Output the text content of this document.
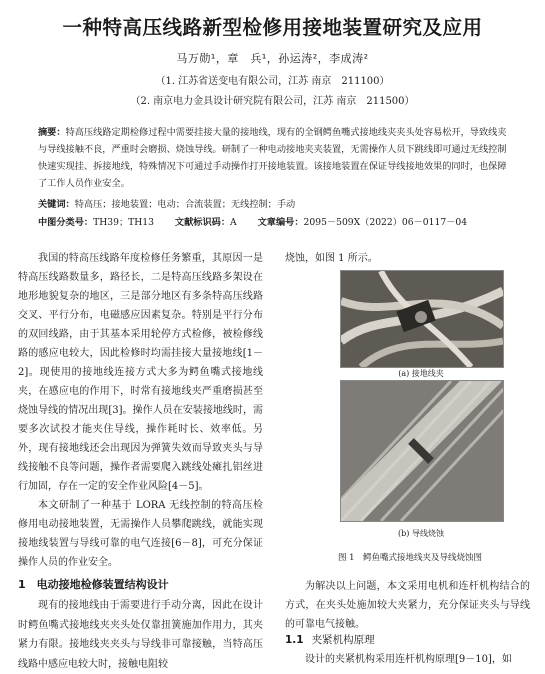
一种特高压线路新型检修用接地装置研究及应用
马万勋¹，章　兵¹，孙运涛²，李成涛²
（1. 江苏省送变电有限公司，江苏 南京　211100）
（2. 南京电力金具设计研究院有限公司，江苏 南京　211500）
摘要：特高压线路定期检修过程中需要挂接大量的接地线，现有的全钢鳄鱼嘴式接地线夹夹头处容易松开，导致线夹与导线接触不良，严重时会磨损、烧蚀导线。研制了一种电动接地夹夹装置，无需操作人员下跳线即可通过无线控制快速实现挂、拆接地线，特殊情况下可通过手动操作打开接地装置。该接地装置在保证导线接地效果的同时，也保障了工作人员作业安全。
关键词：特高压；接地装置；电动；合流装置；无线控制；手动
中图分类号：TH39；TH13 文献标识码：A 文章编号：2095－509X（2022）06－0117－04

我国的特高压线路年度检修任务繁重，其原因一是特高压线路数量多，路径长，二是特高压线路多架设在地形地貌复杂的地区，三是部分地区有多条特高压线路交叉、平行分布，电磁感应因素复杂。特别是平行分布的双回线路，由于其基本采用轮停方式检修，被检修线路的感应电较大，因此检修时均需挂接大量接地线[1－2]。现使用的接地线连接方式大多为鳄鱼嘴式接地线夹，在感应电的作用下，时常有接地线夹严重磨损甚至烧蚀导线的情况出现[3]。操作人员在安装接地线时，需要多次试投才能夹住导线，操作耗时长、效率低。另外，现有接地线还会出现因为弹簧失效而导致夹头与导线接触不良等问题，操作者需要爬入跳线处瘫扎铝丝进行加固，存在一定的安全作业风险[4－5]。

本文研制了一种基于 LORA 无线控制的特高压检修用电动接地装置，无需操作人员攀爬跳线，就能实现接地线装置与导线可靠的电气连接[6－8]，可充分保证操作人员的作业安全。

1　电动接地检修装置结构设计

现有的接地线由于需要进行手动分离，因此在设计时鳄鱼嘴式接地线夹夹头处仅靠扭簧施加作用力，其夹紧力有限。接地线夹夹头与导线非可靠接触，当特高压线路中感应电较大时，接触电阻较

烧蚀，如图 1 所示。
(a) 接地线夹
(b) 导线烧蚀
图 1　鳄鱼嘴式接地线夹及导线烧蚀图

为解决以上问题，本文采用电机和连杆机构结合的方式，在夹头处施加较大夹紧力，充分保证夹头与导线的可靠电气接触。

1.1 夹紧机构原理
设计的夹紧机构采用连杆机构原理[9－10]，如
